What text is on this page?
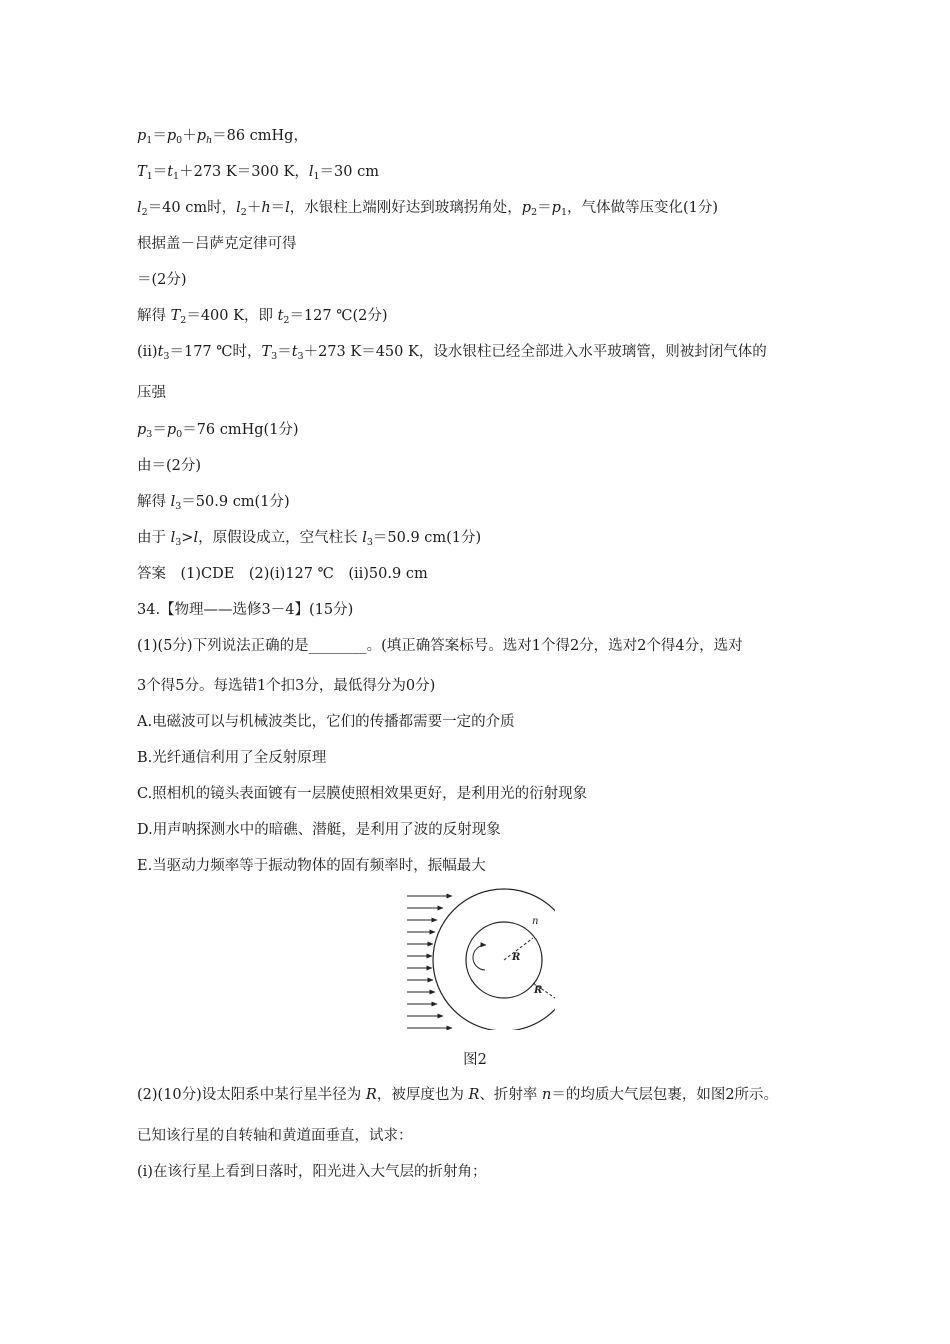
$p_1=p_0+p_h=86$ cmHg，
$T_1=t_1+273$ K＝300 K，$l_1=30$ cm
$l_2=40$ cm时，$l_2+h=l$，水银柱上端刚好达到玻璃拐角处，$p_2=p_1$，气体做等压变化(1分)
根据盖－吕萨克定律可得
＝(2分)
解得 $T_2=400$ K，即 $t_2=127$ ℃(2分)
$(ⅱ)t_3=177$ ℃时，$T_3=t_3+273$ K＝450 K，设水银柱已经全部进入水平玻璃管，则被封闭气体的
压强
$p_3=p_0=76$ cmHg(1分)
由＝(2分)
解得 $l_3=50.9$ cm(1分)
由于 $l_3>l$，原假设成立，空气柱长 $l_3=50.9$ cm(1分)
答案　(1)CDE　(2)(ⅰ)127 ℃　(ⅱ)50.9 cm
34.【物理——选修3－4】(15分)
(1)(5分)下列说法正确的是________。(填正确答案标号。选对1个得2分，选对2个得4分，选对
3个得5分。每选错1个扣3分，最低得分为0分)
A.电磁波可以与机械波类比，它们的传播都需要一定的介质
B.光纤通信利用了全反射原理
C.照相机的镜头表面镀有一层膜使照相效果更好，是利用光的衍射现象
D.用声呐探测水中的暗礁、潜艇，是利用了波的反射现象
E.当驱动力频率等于振动物体的固有频率时，振幅最大
(2)(10分)设太阳系中某行星半径为 R，被厚度也为 R、折射率 n＝的均质大气层包裹，如图2所示。
已知该行星的自转轴和黄道面垂直，试求：
(ⅰ)在该行星上看到日落时，阳光进入大气层的折射角；
n
R
R
图2
